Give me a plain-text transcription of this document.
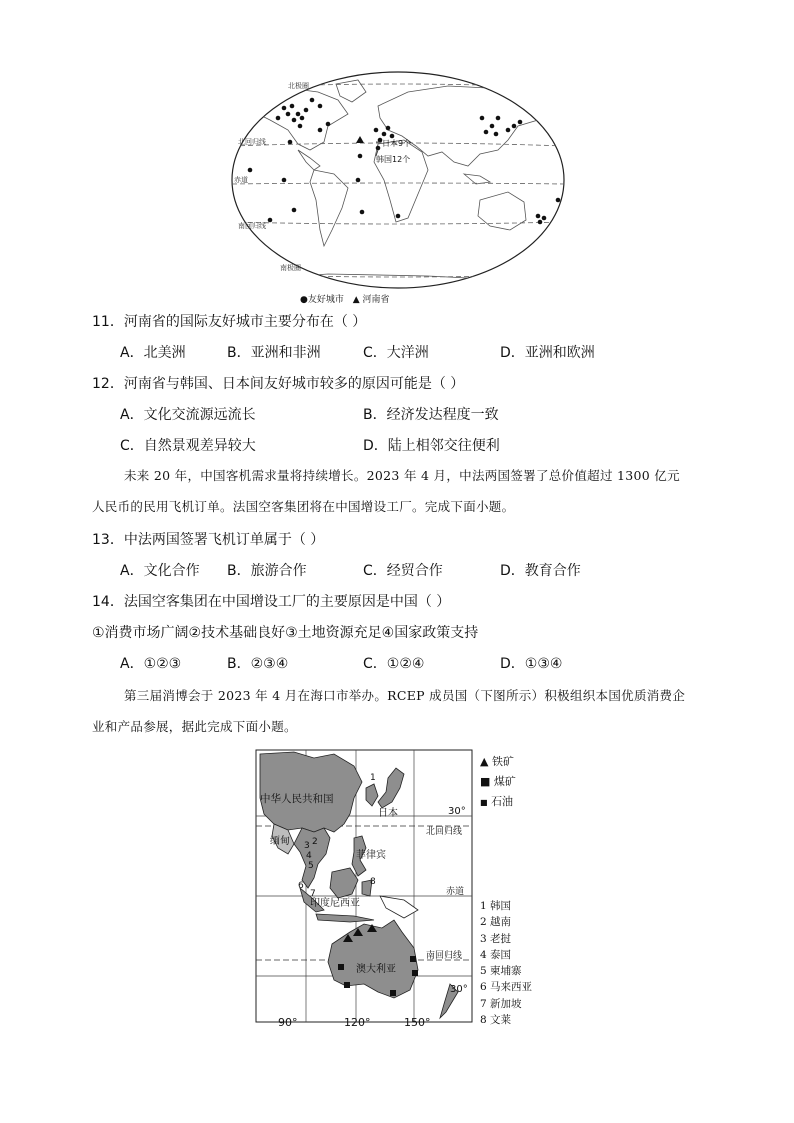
北极圈
北回归线
赤道
南回归线
南极圈
日本9个
韩国12个
●友好城市 ▲ 河南省
11．河南省的国际友好城市主要分布在（ ）
A．北美洲	B．亚洲和非洲	C．大洋洲	D．亚洲和欧洲
12．河南省与韩国、日本间友好城市较多的原因可能是（ ）
A．文化交流源远流长	B．经济发达程度一致
C．自然景观差异较大	D．陆上相邻交往便利
未来 20 年，中国客机需求量将持续增长。2023 年 4 月，中法两国签署了总价值超过 1300 亿元
人民币的民用飞机订单。法国空客集团将在中国增设工厂。完成下面小题。
13．中法两国签署飞机订单属于（ ）
A．文化合作 B．旅游合作	C．经贸合作	D．教育合作
14．法国空客集团在中国增设工厂的主要原因是中国（ ）
①消费市场广阔②技术基础良好③土地资源充足④国家政策支持
A．①②③	B．②③④	C．①②④	D．①③④
第三届消博会于 2023 年 4 月在海口市举办。RCEP 成员国（下图所示）积极组织本国优质消费企
业和产品参展，据此完成下面小题。
中华人民共和国
日本
缅甸
菲律宾
印度尼西亚
澳大利亚
30°
北回归线
赤道
南回归线
30°
1
2
3
4
5
6
7
8
90°	120°	150°
▲ 铁矿
■ 煤矿
■ 石油
1 韩国
2 越南
3 老挝
4 泰国
5 柬埔寨
6 马来西亚
7 新加坡
8 文莱
